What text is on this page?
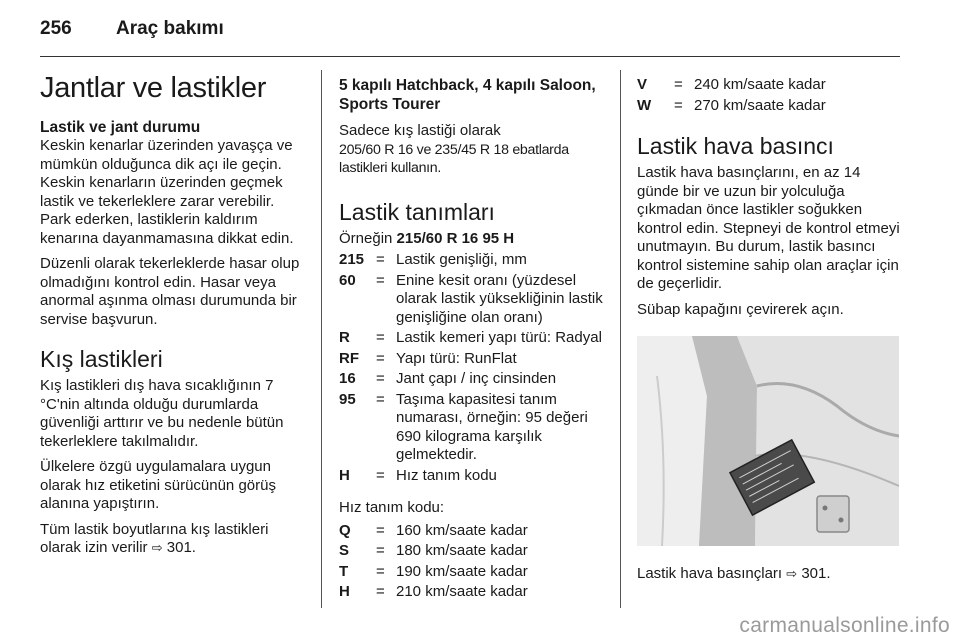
256	Araç bakımı
Jantlar ve lastikler
Lastik ve jant durumu

Keskin kenarlar üzerinden yavaşça ve mümkün olduğunca dik açı ile geçin. Keskin kenarların üzerinden geçmek lastik ve tekerleklere zarar verebilir. Park ederken, lastiklerin kaldırım kenarına dayanmamasına dikkat edin.

Düzenli olarak tekerleklerde hasar olup olmadığını kontrol edin. Hasar veya anormal aşınma olması durumunda bir servise başvurun.

Kış lastikleri

Kış lastikleri dış hava sıcaklığının 7 °C'nin altında olduğu durumlarda güvenliği arttırır ve bu nedenle bütün tekerleklere takılmalıdır.

Ülkelere özgü uygulamalara uygun olarak hız etiketini sürücünün görüş alanına yapıştırın.

Tüm lastik boyutlarına kış lastikleri olarak izin verilir ⇨ 301.

5 kapılı Hatchback, 4 kapılı Saloon, Sports Tourer

Sadece kış lastiği olarak

205/60 R 16 ve 235/45 R 18 ebatlarda lastikleri kullanın.

Lastik tanımları

Örneğin 215/60 R 16 95 H

215 = Lastik genişliği, mm
60	= Enine kesit oranı (yüzdesel olarak lastik yüksekliğinin lastik genişliğine olan oranı)
R	= Lastik kemeri yapı türü: Radyal
RF	= Yapı türü: RunFlat
16	= Jant çapı / inç cinsinden
95	= Taşıma kapasitesi tanım numarası, örneğin: 95 değeri 690 kilograma karşılık gelmektedir.
H	= Hız tanım kodu

Hız tanım kodu:

Q	= 160 km/saate kadar
S	= 180 km/saate kadar
T	= 190 km/saate kadar
H	= 210 km/saate kadar
V	= 240 km/saate kadar
W	= 270 km/saate kadar
Lastik hava basıncı

Lastik hava basınçlarını, en az 14 günde bir ve uzun bir yolculuğa çıkmadan önce lastikler soğukken kontrol edin. Stepneyi de kontrol etmeyi unutmayın. Bu durum, lastik basıncı kontrol sistemine sahip olan araçlar için de geçerlidir.

Sübap kapağını çevirerek açın.

Lastik hava basınçları ⇨ 301.

carmanualsonline.info
